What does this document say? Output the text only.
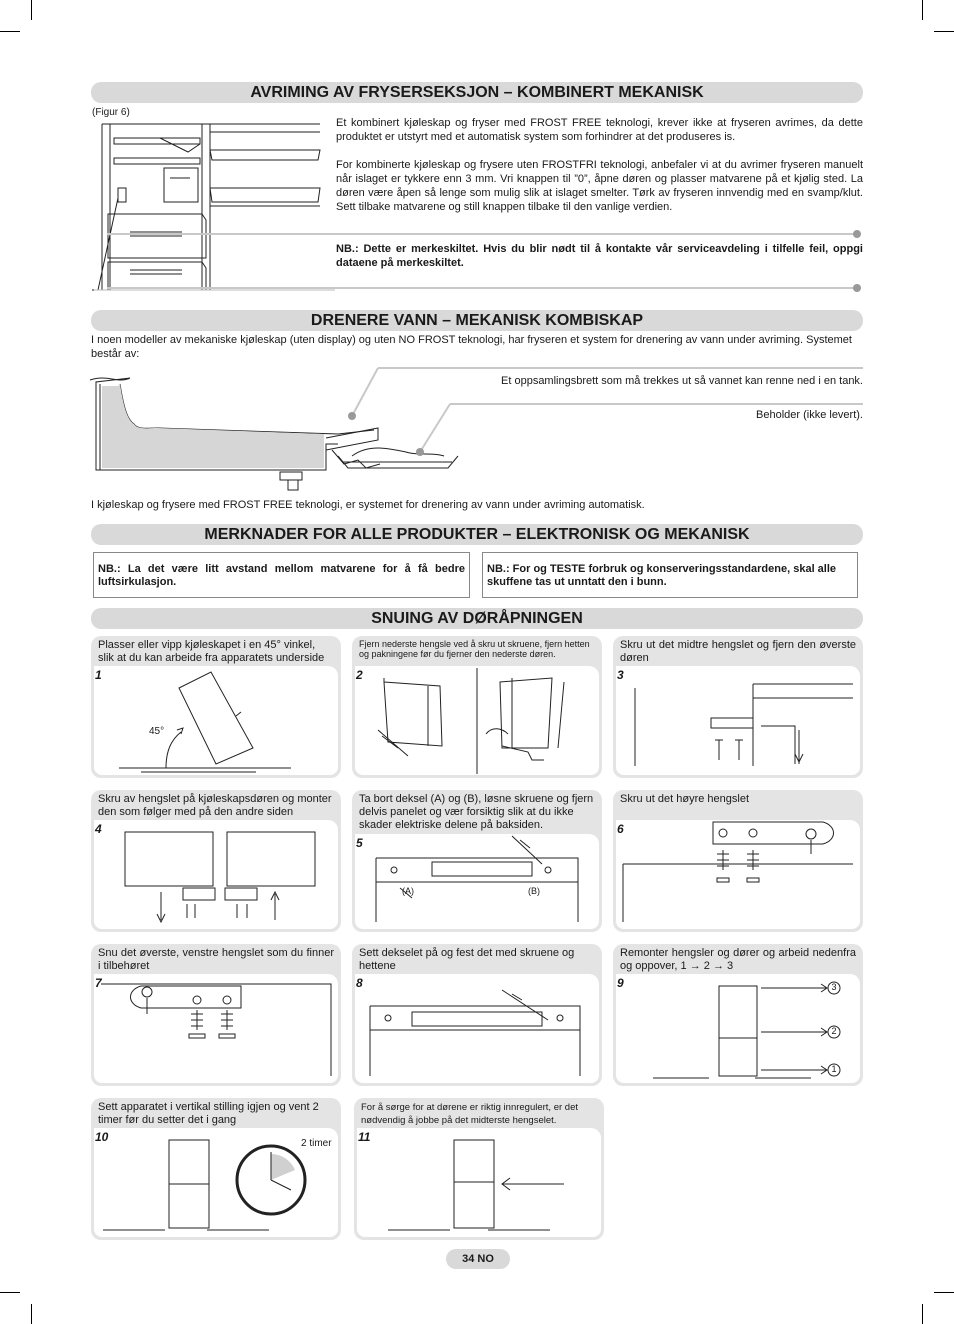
AVRIMING AV FRYSERSEKSJON – KOMBINERT MEKANISK
(Figur 6)
Et kombinert kjøleskap og fryser med FROST FREE teknologi, krever ikke at fryseren avrimes, da dette produktet er utstyrt med et automatisk system som forhindrer at det produseres is.
For kombinerte kjøleskap og frysere uten FROSTFRI teknologi, anbefaler vi at du avrimer fryseren manuelt når islaget er tykkere enn 3 mm. Vri knappen til ”0”, åpne døren og plasser matvarene på et kjølig sted. La døren være åpen så lenge som mulig slik at islaget smelter. Tørk av fryseren innvendig med en svamp/klut. Sett tilbake matvarene og still knappen tilbake til den vanlige verdien.
NB.: Dette er merkeskiltet. Hvis du blir nødt til å kontakte vår serviceavdeling i tilfelle feil, oppgi dataene på merkeskiltet.
DRENERE VANN – MEKANISK KOMBISKAP
I noen modeller av mekaniske kjøleskap (uten display) og uten NO FROST teknologi, har fryseren et system for drenering av vann under avriming. Systemet består av:
Et oppsamlingsbrett som må trekkes ut så vannet kan renne ned i en tank.
Beholder (ikke levert).
I kjøleskap og frysere med FROST FREE teknologi, er systemet for drenering av vann under avriming automatisk.
MERKNADER FOR ALLE PRODUKTER – ELEKTRONISK OG MEKANISK
NB.: La det være litt avstand mellom matvarene for å få bedre luftsirkulasjon.
NB.: For og TESTE forbruk og konserveringsstandardene, skal alle skuffene tas ut unntatt den i bunn.
SNUING AV DØRÅPNINGEN
Plasser eller vipp kjøleskapet i en 45° vinkel, slik at du kan arbeide fra apparatets underside
1
45°
Fjern nederste hengsle ved å skru ut skruene, fjern hetten og pakningene før du fjerner den nederste døren.
2
Skru ut det midtre hengslet og fjern den øverste døren
3
Skru av hengslet på kjøleskapsdøren og monter den som følger med på den andre siden
4
Ta bort deksel (A) og (B), løsne skruene og fjern delvis panelet og vær forsiktig slik at du ikke skader elektriske delene på baksiden.
5
(A)	(B)
Skru ut det høyre hengslet
6
Snu det øverste, venstre hengslet som du finner i tilbehøret
7
Sett dekselet på og fest det med skruene og hettene
8
Remonter hengsler og dører og arbeid nedenfra og oppover, 1 → 2 → 3
9	3
2
1
Sett apparatet i vertikal stilling igjen og vent 2 timer før du setter det i gang
10	2 timer
For å sørge for at dørene er riktig innregulert, er det nødvendig å jobbe på det midterste hengselet.
11
34 NO
